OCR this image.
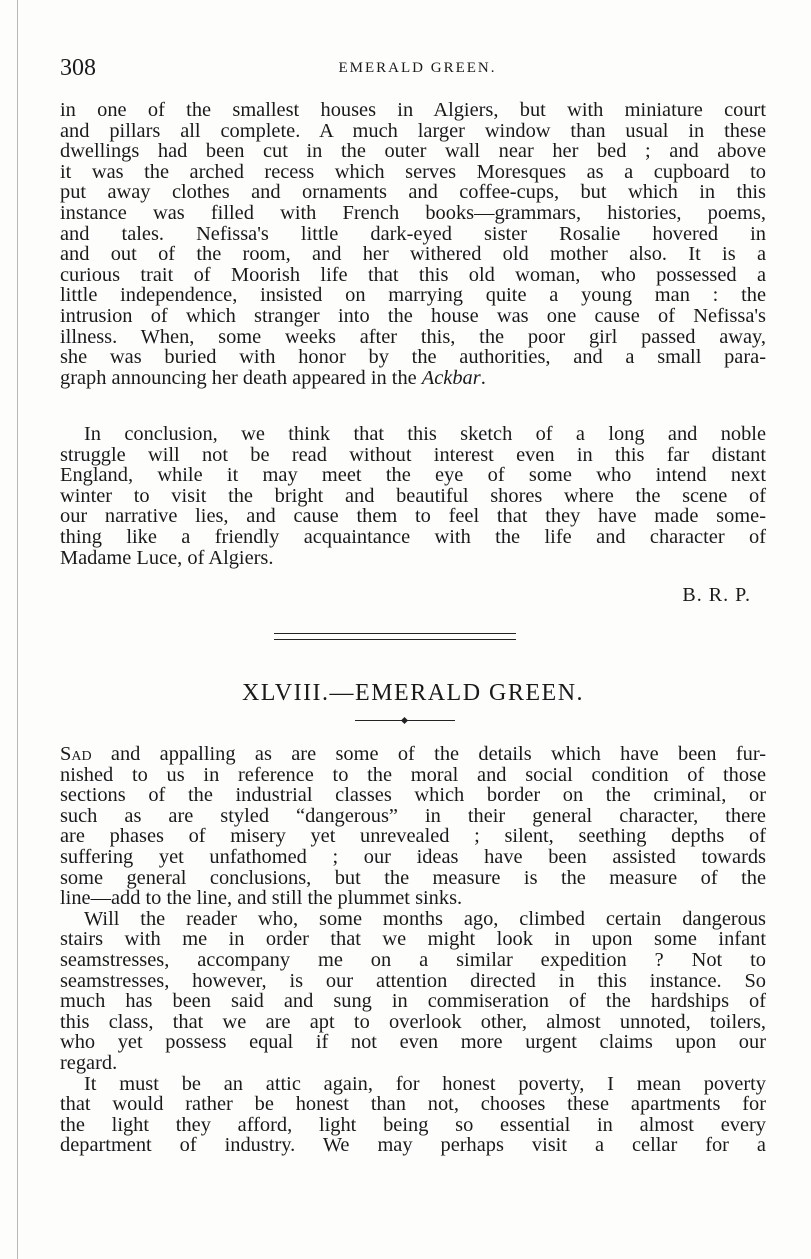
308	EMERALD GREEN.
in one of the smallest houses in Algiers, but with miniature court
and pillars all complete. A much larger window than usual in these
dwellings had been cut in the outer wall near her bed ; and above
it was the arched recess which serves Moresques as a cupboard to
put away clothes and ornaments and coffee-cups, but which in this
instance was filled with French books—grammars, histories, poems,
and tales. Nefissa's little dark-eyed sister Rosalie hovered in
and out of the room, and her withered old mother also. It is a
curious trait of Moorish life that this old woman, who possessed a
little independence, insisted on marrying quite a young man : the
intrusion of which stranger into the house was one cause of Nefissa's
illness. When, some weeks after this, the poor girl passed away,
she was buried with honor by the authorities, and a small para-
graph announcing her death appeared in the Ackbar.
In conclusion, we think that this sketch of a long and noble
struggle will not be read without interest even in this far distant
England, while it may meet the eye of some who intend next
winter to visit the bright and beautiful shores where the scene of
our narrative lies, and cause them to feel that they have made some-
thing like a friendly acquaintance with the life and character of
Madame Luce, of Algiers.
B. R. P.
XLVIII.—EMERALD GREEN.
Sad and appalling as are some of the details which have been fur-
nished to us in reference to the moral and social condition of those
sections of the industrial classes which border on the criminal, or
such as are styled “dangerous” in their general character, there
are phases of misery yet unrevealed ; silent, seething depths of
suffering yet unfathomed ; our ideas have been assisted towards
some general conclusions, but the measure is the measure of the
line—add to the line, and still the plummet sinks.
Will the reader who, some months ago, climbed certain dangerous
stairs with me in order that we might look in upon some infant
seamstresses, accompany me on a similar expedition ? Not to
seamstresses, however, is our attention directed in this instance. So
much has been said and sung in commiseration of the hardships of
this class, that we are apt to overlook other, almost unnoted, toilers,
who yet possess equal if not even more urgent claims upon our
regard.
It must be an attic again, for honest poverty, I mean poverty
that would rather be honest than not, chooses these apartments for
the light they afford, light being so essential in almost every
department of industry. We may perhaps visit a cellar for a
